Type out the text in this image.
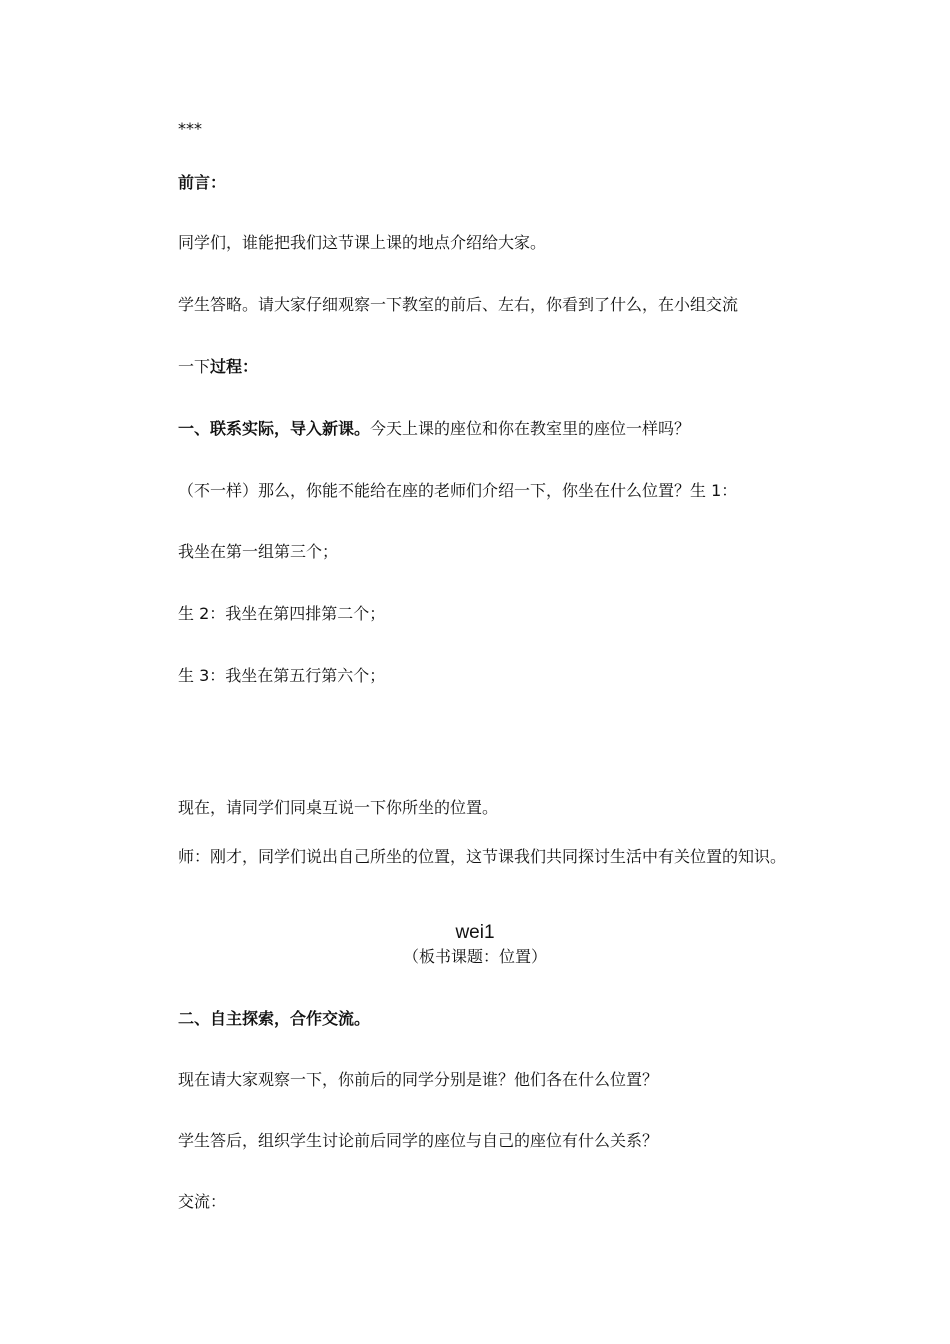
***
前言：
同学们，谁能把我们这节课上课的地点介绍给大家。
学生答略。请大家仔细观察一下教室的前后、左右，你看到了什么，在小组交流
一下过程：
一、联系实际，导入新课。今天上课的座位和你在教室里的座位一样吗？
（不一样）那么，你能不能给在座的老师们介绍一下，你坐在什么位置？生 1：
我坐在第一组第三个；
生 2：我坐在第四排第二个；
生 3：我坐在第五行第六个；
现在，请同学们同桌互说一下你所坐的位置。
师：刚才，同学们说出自己所坐的位置，这节课我们共同探讨生活中有关位置的知识。
wei1
（板书课题：位置）
二、自主探索，合作交流。
现在请大家观察一下，你前后的同学分别是谁？他们各在什么位置？
学生答后，组织学生讨论前后同学的座位与自己的座位有什么关系？
交流：
